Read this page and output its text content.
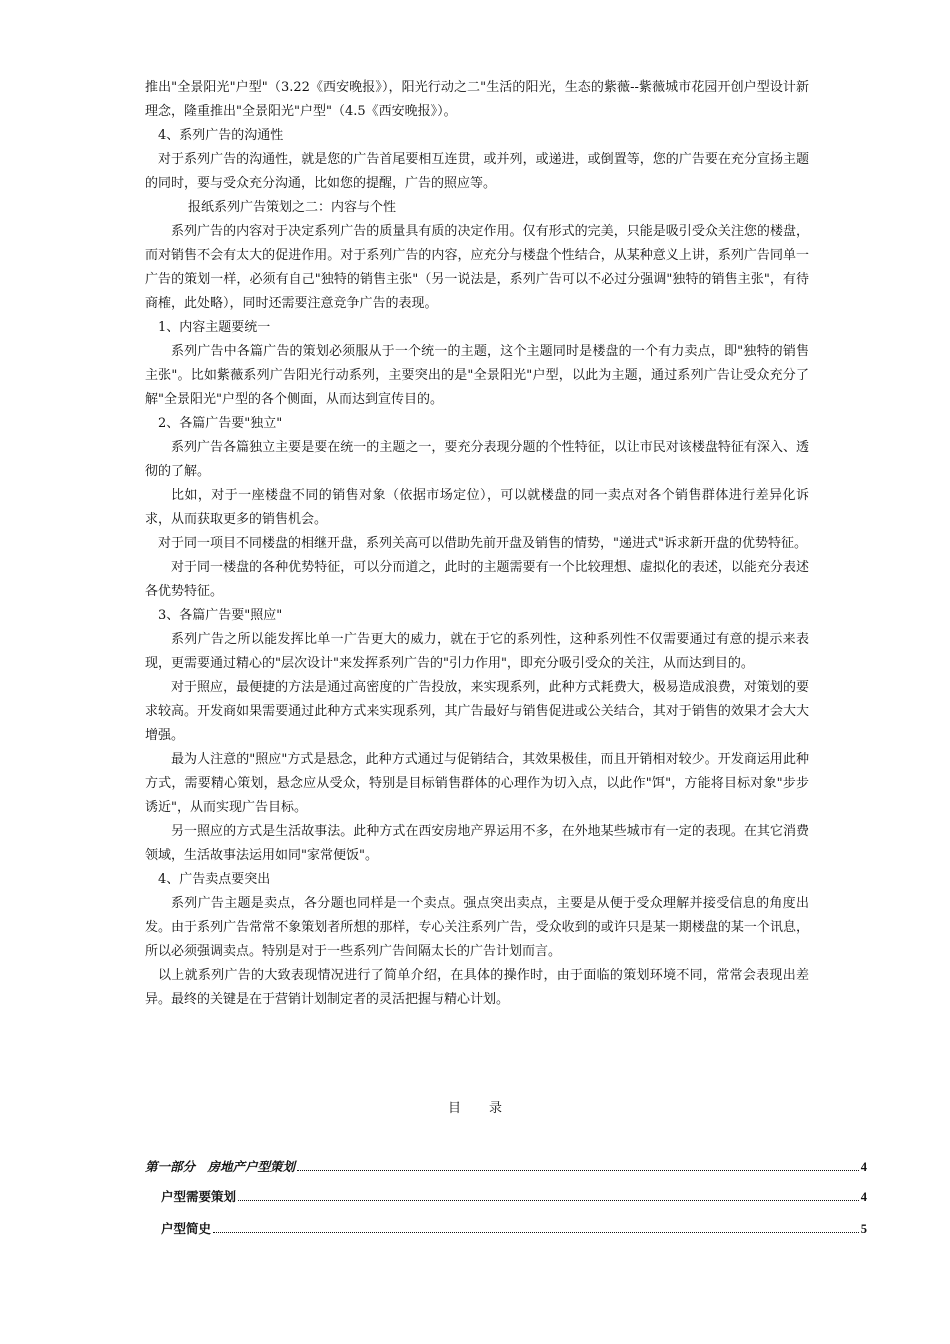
推出"全景阳光"户型"（3.22《西安晚报》），阳光行动之二"生活的阳光，生态的紫薇--紫薇城市花园开创户型设计新理念，隆重推出"全景阳光"户型"（4.5《西安晚报》）。

4、系列广告的沟通性

对于系列广告的沟通性，就是您的广告首尾要相互连贯，或并列，或递进，或倒置等，您的广告要在充分宣扬主题的同时，要与受众充分沟通，比如您的提醒，广告的照应等。

报纸系列广告策划之二：内容与个性

系列广告的内容对于决定系列广告的质量具有质的决定作用。仅有形式的完美，只能是吸引受众关注您的楼盘，而对销售不会有太大的促进作用。对于系列广告的内容，应充分与楼盘个性结合，从某种意义上讲，系列广告同单一广告的策划一样，必须有自己"独特的销售主张"（另一说法是，系列广告可以不必过分强调"独特的销售主张"，有待商榷，此处略），同时还需要注意竞争广告的表现。

1、内容主题要统一

系列广告中各篇广告的策划必须服从于一个统一的主题，这个主题同时是楼盘的一个有力卖点，即"独特的销售主张"。比如紫薇系列广告阳光行动系列，主要突出的是"全景阳光"户型，以此为主题，通过系列广告让受众充分了解"全景阳光"户型的各个侧面，从而达到宣传目的。

2、各篇广告要"独立"

系列广告各篇独立主要是要在统一的主题之一，要充分表现分题的个性特征，以让市民对该楼盘特征有深入、透彻的了解。

比如，对于一座楼盘不同的销售对象（依据市场定位），可以就楼盘的同一卖点对各个销售群体进行差异化诉求，从而获取更多的销售机会。

对于同一项目不同楼盘的相继开盘，系列关高可以借助先前开盘及销售的情势，"递进式"诉求新开盘的优势特征。

对于同一楼盘的各种优势特征，可以分而道之，此时的主题需要有一个比较理想、虚拟化的表述，以能充分表述各优势特征。

3、各篇广告要"照应"

系列广告之所以能发挥比单一广告更大的威力，就在于它的系列性，这种系列性不仅需要通过有意的提示来表现，更需要通过精心的"层次设计"来发挥系列广告的"引力作用"，即充分吸引受众的关注，从而达到目的。

对于照应，最便捷的方法是通过高密度的广告投放，来实现系列，此种方式耗费大，极易造成浪费，对策划的要求较高。开发商如果需要通过此种方式来实现系列，其广告最好与销售促进或公关结合，其对于销售的效果才会大大增强。

最为人注意的"照应"方式是悬念，此种方式通过与促销结合，其效果极佳，而且开销相对较少。开发商运用此种方式，需要精心策划，悬念应从受众，特别是目标销售群体的心理作为切入点，以此作"饵"，方能将目标对象"步步诱近"，从而实现广告目标。

另一照应的方式是生活故事法。此种方式在西安房地产界运用不多，在外地某些城市有一定的表现。在其它消费领域，生活故事法运用如同"家常便饭"。

4、广告卖点要突出

系列广告主题是卖点，各分题也同样是一个卖点。强点突出卖点，主要是从便于受众理解并接受信息的角度出发。由于系列广告常常不象策划者所想的那样，专心关注系列广告，受众收到的或许只是某一期楼盘的某一个讯息，所以必须强调卖点。特别是对于一些系列广告间隔太长的广告计划而言。

以上就系列广告的大致表现情况进行了简单介绍，在具体的操作时，由于面临的策划环境不同，常常会表现出差异。最终的关键是在于营销计划制定者的灵活把握与精心计划。

目 录
第一部分　房地产户型策划	4
户型需要策划	4
户型简史	5
